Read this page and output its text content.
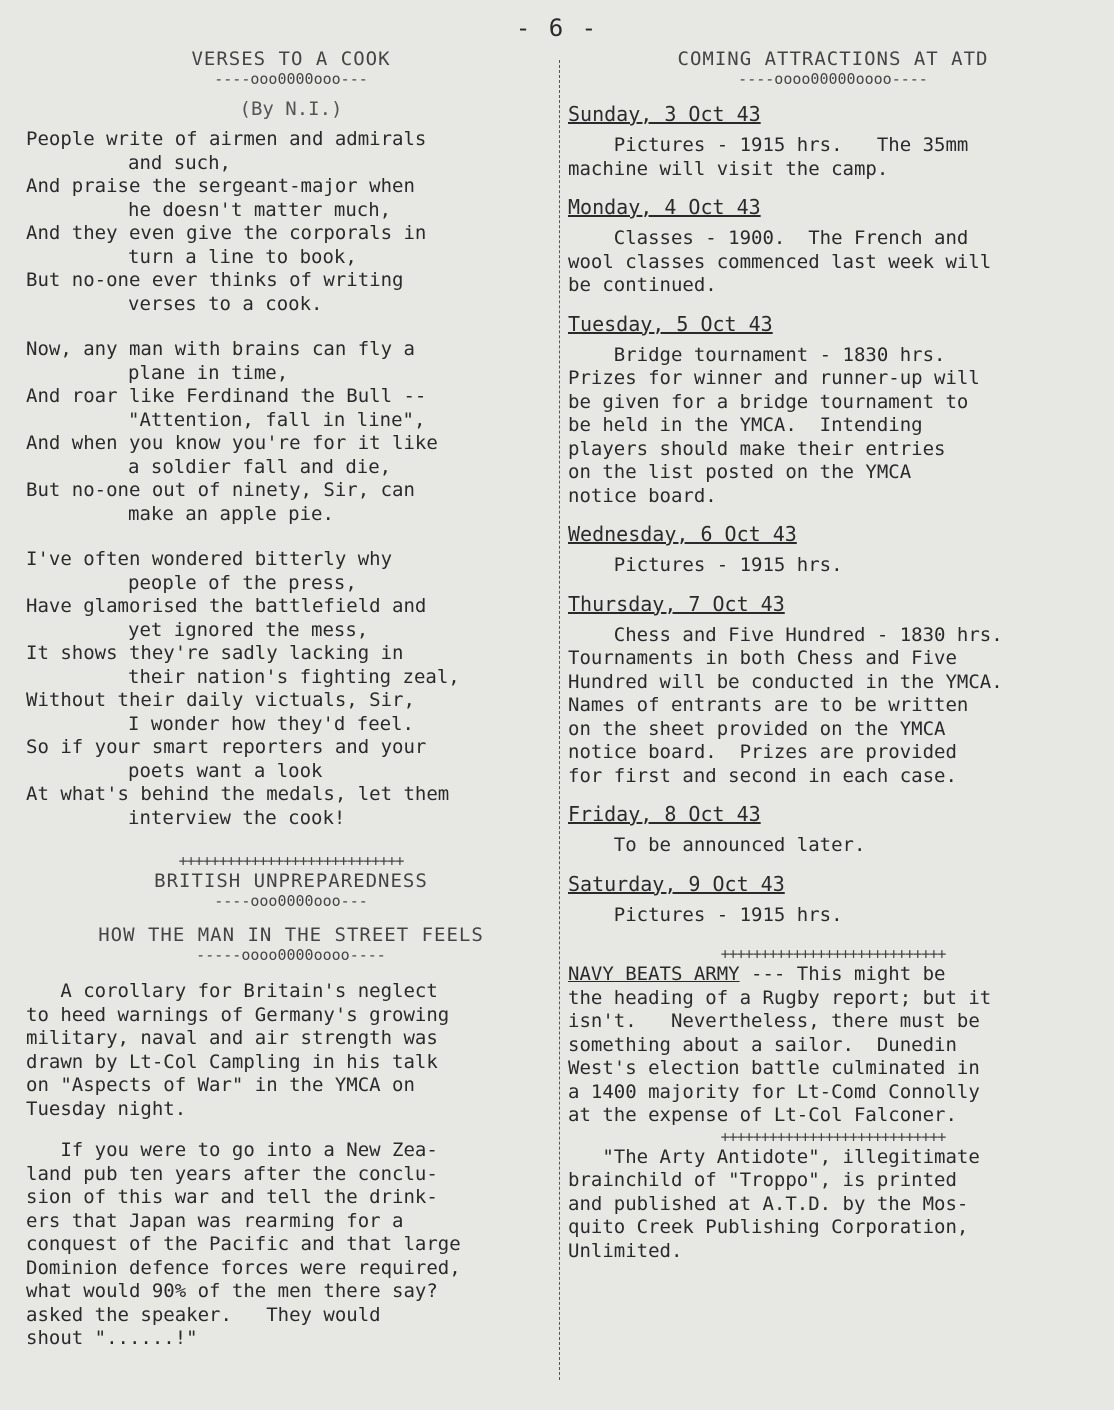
- 6 -
VERSES TO A COOK
----ooo0000ooo---
(By N.I.)
People write of airmen and admirals
and such,
And praise the sergeant-major when
he doesn't matter much,
And they even give the corporals in
turn a line to book,
But no-one ever thinks of writing
verses to a cook.
Now, any man with brains can fly a
plane in time,
And roar like Ferdinand the Bull --
"Attention, fall in line",
And when you know you're for it like
a soldier fall and die,
But no-one out of ninety, Sir, can
make an apple pie.
I've often wondered bitterly why
people of the press,
Have glamorised the battlefield and
yet ignored the mess,
It shows they're sadly lacking in
their nation's fighting zeal,
Without their daily victuals, Sir,
I wonder how they'd feel.
So if your smart reporters and your
poets want a look
At what's behind the medals, let them
interview the cook!
++++++++++++++++++++++++++++
BRITISH UNPREPAREDNESS
----ooo0000ooo---
HOW THE MAN IN THE STREET FEELS
-----oooo0000oooo----

A corollary for Britain's neglect
to heed warnings of Germany's growing
military, naval and air strength was
drawn by Lt-Col Campling in his talk
on "Aspects of War" in the YMCA on
Tuesday night.

If you were to go into a New Zea-
land pub ten years after the conclu-
sion of this war and tell the drink-
ers that Japan was rearming for a
conquest of the Pacific and that large
Dominion defence forces were required,
what would 90% of the men there say?
asked the speaker.   They would
shout "......!"

COMING ATTRACTIONS AT ATD
----oooo00000oooo----
Sunday, 3 Oct 43

Pictures - 1915 hrs.   The 35mm
machine will visit the camp.

Monday, 4 Oct 43

Classes - 1900.  The French and
wool classes commenced last week will
be continued.

Tuesday, 5 Oct 43

Bridge tournament - 1830 hrs.
Prizes for winner and runner-up will
be given for a bridge tournament to
be held in the YMCA.  Intending
players should make their entries
on the list posted on the YMCA
notice board.

Wednesday, 6 Oct 43

Pictures - 1915 hrs.

Thursday, 7 Oct 43

Chess and Five Hundred - 1830 hrs.
Tournaments in both Chess and Five
Hundred will be conducted in the YMCA.
Names of entrants are to be written
on the sheet provided on the YMCA
notice board.  Prizes are provided
for first and second in each case.

Friday, 8 Oct 43

To be announced later.

Saturday, 9 Oct 43

Pictures - 1915 hrs.

++++++++++++++++++++++++++++

NAVY BEATS ARMY --- This might be
the heading of a Rugby report; but it
isn't.   Nevertheless, there must be
something about a sailor.  Dunedin
West's election battle culminated in
a 1400 majority for Lt-Comd Connolly
at the expense of Lt-Col Falconer.

++++++++++++++++++++++++++++

"The Arty Antidote", illegitimate
brainchild of "Troppo", is printed
and published at A.T.D. by the Mos-
quito Creek Publishing Corporation,
Unlimited.
